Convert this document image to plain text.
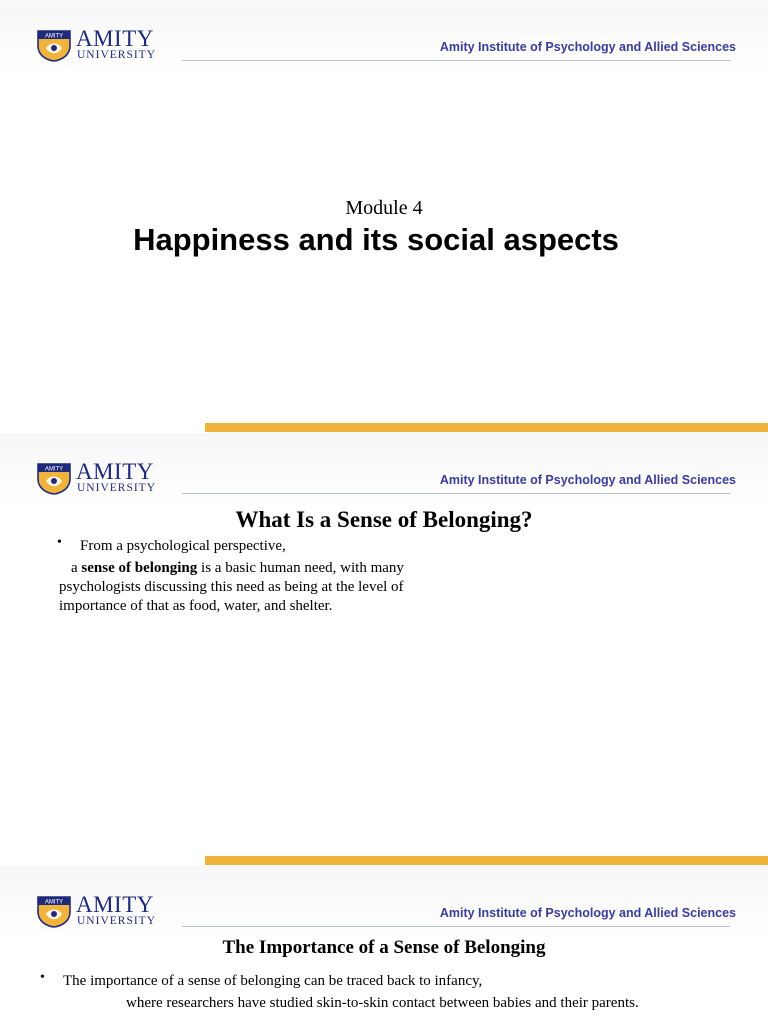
AMITY AMITY
UNIVERSITY
Amity Institute of Psychology and Allied Sciences
Module 4
Happiness and its social aspects
AMITY AMITY
UNIVERSITY
Amity Institute of Psychology and Allied Sciences
What Is a Sense of Belonging?
• From a psychological perspective,
a sense of belonging is a basic human need, with many
psychologists discussing this need as being at the level of
importance of that as food, water, and shelter.
AMITY AMITY
UNIVERSITY
Amity Institute of Psychology and Allied Sciences
The Importance of a Sense of Belonging
• The importance of a sense of belonging can be traced back to infancy,
where researchers have studied skin-to-skin contact between babies and their parents.
